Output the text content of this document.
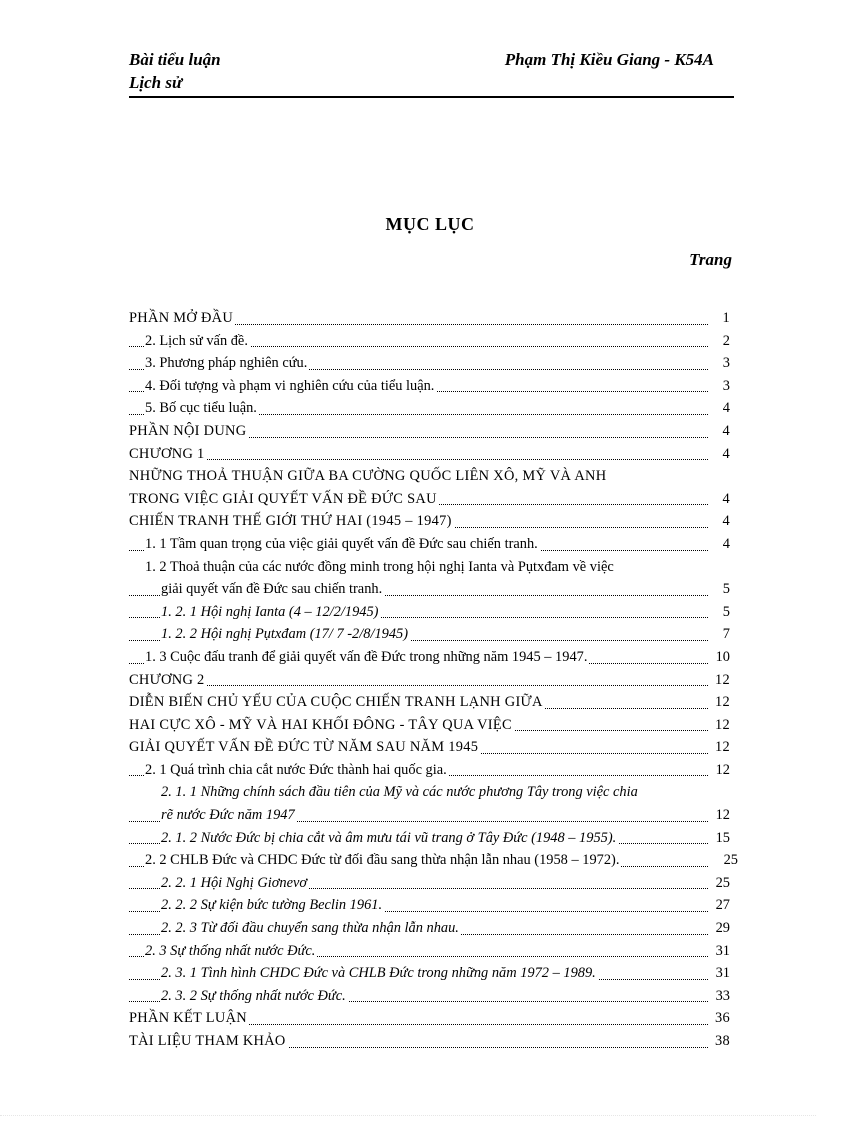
Bài tiểu luận
Lịch sử
Phạm Thị Kiều Giang - K54A
MỤC LỤC
Trang
PHẦN MỞ ĐẦU	1
2. Lịch sử vấn đề.	2
3. Phương pháp nghiên cứu.	3
4. Đối tượng và phạm vi nghiên cứu của tiểu luận.	3
5. Bố cục tiểu luận.	4
PHẦN NỘI DUNG	4
CHƯƠNG 1	4
NHỮNG THOẢ THUẬN GIỮA BA CƯỜNG QUỐC LIÊN XÔ, MỸ VÀ ANH
TRONG VIỆC GIẢI QUYẾT VẤN ĐỀ ĐỨC SAU	4
CHIẾN TRANH THẾ GIỚI THỨ HAI (1945 – 1947)	4
1. 1 Tầm quan trọng của việc giải quyết vấn đề Đức sau chiến tranh.	4
1. 2 Thoả thuận của các nước đồng minh trong hội nghị Ianta và Pụtxđam về việc
giải quyết vấn đề Đức sau chiến tranh.	5
1. 2. 1 Hội nghị Ianta (4 – 12/2/1945)	5
1. 2. 2 Hội nghị Pụtxđam (17/ 7 -2/8/1945)	7
1. 3 Cuộc đấu tranh để giải quyết vấn đề Đức trong những năm 1945 – 1947.	10
CHƯƠNG 2	12
DIỄN BIẾN CHỦ YẾU CỦA CUỘC CHIẾN TRANH LẠNH GIỮA	12
HAI CỰC XÔ - MỸ VÀ HAI KHỐI ĐÔNG - TÂY QUA VIỆC	12
GIẢI QUYẾT VẤN ĐỀ ĐỨC TỪ NĂM SAU NĂM 1945	12
2. 1 Quá trình chia cắt nước Đức thành hai quốc gia.	12
2. 1. 1 Những chính sách đầu tiên của Mỹ và các nước phương Tây trong việc chia
rẽ nước Đức năm 1947	12
2. 1. 2 Nước Đức bị chia cắt và âm mưu tái vũ trang ở Tây Đức (1948 – 1955).	15
2. 2 CHLB Đức và CHDC Đức từ đối đầu sang thừa nhận lẫn nhau (1958 – 1972).	25
2. 2. 1 Hội Nghị Giơnevơ	25
2. 2. 2 Sự kiện bức tường Beclin 1961.	27
2. 2. 3 Từ đối đầu chuyển sang thừa nhận lẫn nhau.	29
2. 3 Sự thống nhất nước Đức.	31
2. 3. 1 Tình hình CHDC Đức và CHLB Đức trong những năm 1972 – 1989.	31
2. 3. 2 Sự thống nhất nước Đức.	33
PHẦN KẾT LUẬN	36
TÀI LIỆU THAM KHẢO	38
